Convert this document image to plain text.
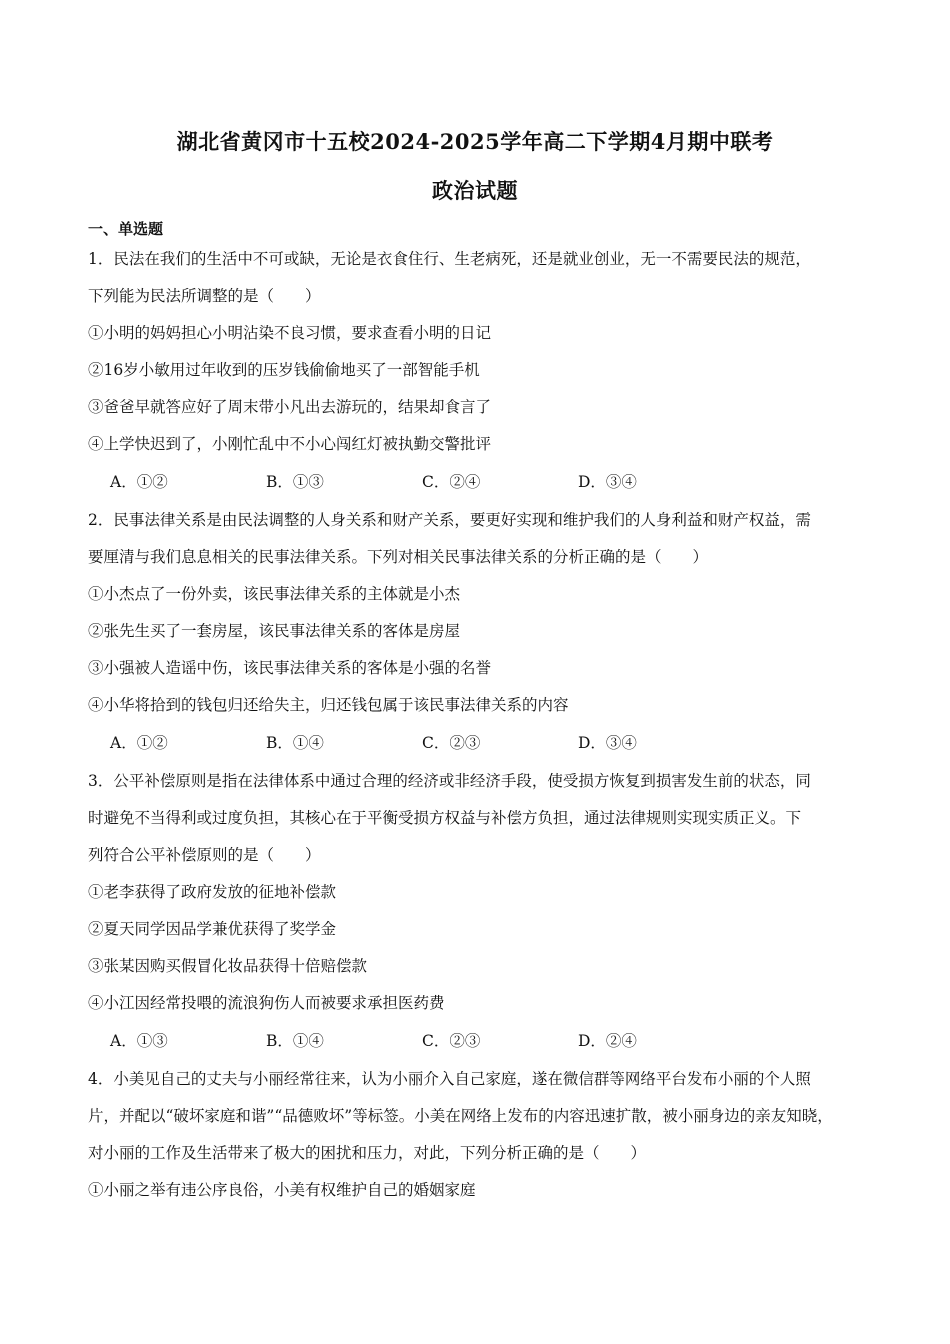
湖北省黄冈市十五校2024-2025学年高二下学期4月期中联考
政治试题
一、单选题
1．民法在我们的生活中不可或缺，无论是衣食住行、生老病死，还是就业创业，无一不需要民法的规范，
下列能为民法所调整的是（　　）
①小明的妈妈担心小明沾染不良习惯，要求查看小明的日记
②16岁小敏用过年收到的压岁钱偷偷地买了一部智能手机
③爸爸早就答应好了周末带小凡出去游玩的，结果却食言了
④上学快迟到了，小刚忙乱中不小心闯红灯被执勤交警批评
A．①②	B．①③	C．②④	D．③④
2．民事法律关系是由民法调整的人身关系和财产关系，要更好实现和维护我们的人身利益和财产权益，需
要厘清与我们息息相关的民事法律关系。下列对相关民事法律关系的分析正确的是（　　）
①小杰点了一份外卖，该民事法律关系的主体就是小杰
②张先生买了一套房屋，该民事法律关系的客体是房屋
③小强被人造谣中伤，该民事法律关系的客体是小强的名誉
④小华将拾到的钱包归还给失主，归还钱包属于该民事法律关系的内容
A．①②	B．①④	C．②③	D．③④
3．公平补偿原则是指在法律体系中通过合理的经济或非经济手段，使受损方恢复到损害发生前的状态，同
时避免不当得利或过度负担，其核心在于平衡受损方权益与补偿方负担，通过法律规则实现实质正义。下
列符合公平补偿原则的是（　　）
①老李获得了政府发放的征地补偿款
②夏天同学因品学兼优获得了奖学金
③张某因购买假冒化妆品获得十倍赔偿款
④小江因经常投喂的流浪狗伤人而被要求承担医药费
A．①③	B．①④	C．②③	D．②④
4．小美见自己的丈夫与小丽经常往来，认为小丽介入自己家庭，遂在微信群等网络平台发布小丽的个人照
片，并配以“破坏家庭和谐”“品德败坏”等标签。小美在网络上发布的内容迅速扩散，被小丽身边的亲友知晓，
对小丽的工作及生活带来了极大的困扰和压力，对此，下列分析正确的是（　　）
①小丽之举有违公序良俗，小美有权维护自己的婚姻家庭
